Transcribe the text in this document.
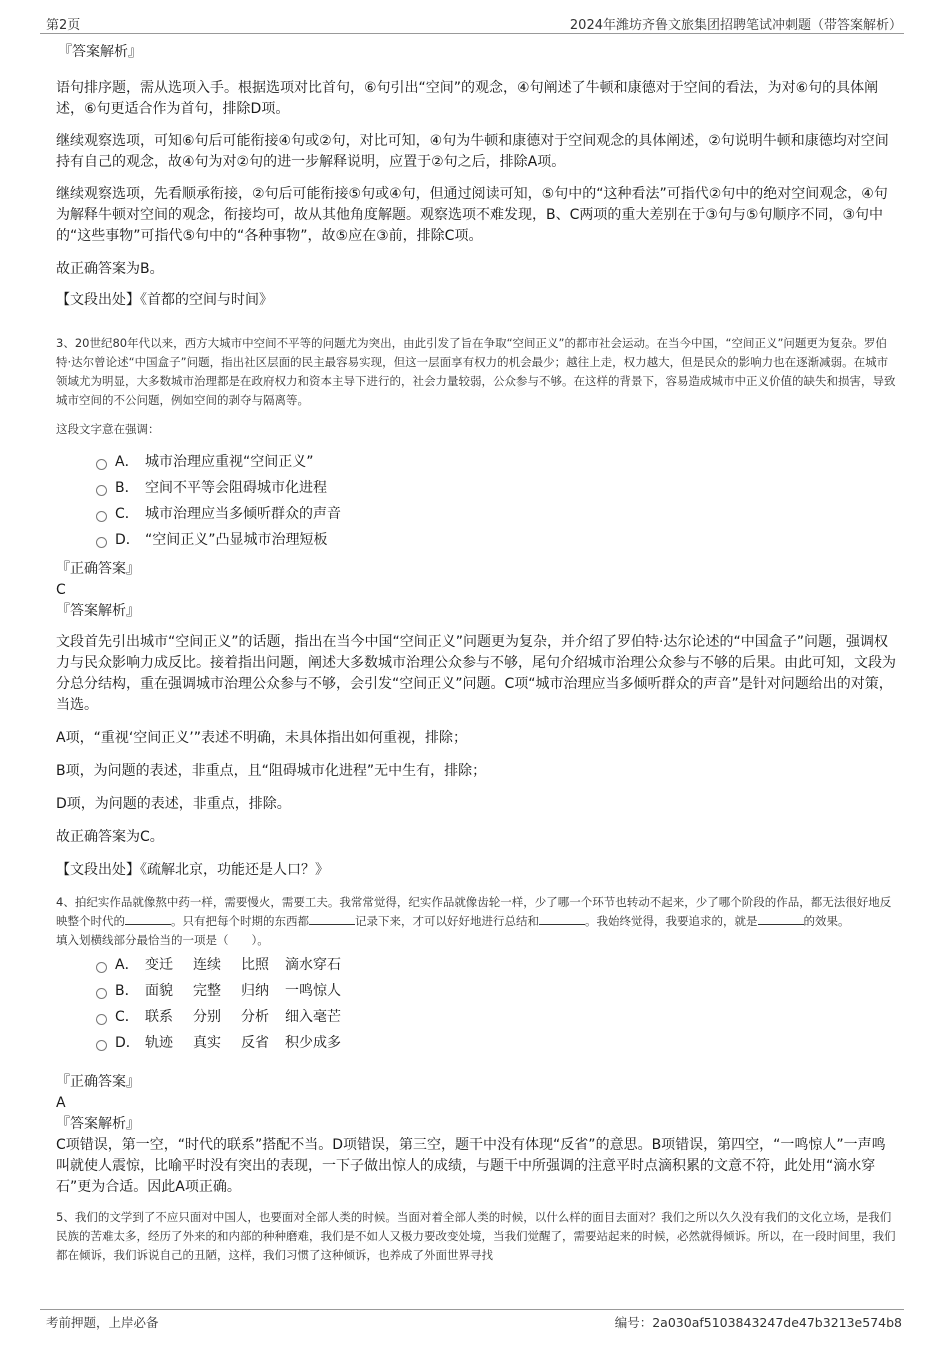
第2页	2024年潍坊齐鲁文旅集团招聘笔试冲刺题（带答案解析）

『答案解析』

语句排序题，需从选项入手。根据选项对比首句，⑥句引出“空间”的观念，④句阐述了牛顿和康德对于空间的看法，为对⑥句的具体阐述，⑥句更适合作为首句，排除D项。

继续观察选项，可知⑥句后可能衔接④句或②句，对比可知，④句为牛顿和康德对于空间观念的具体阐述，②句说明牛顿和康德均对空间持有自己的观念，故④句为对②句的进一步解释说明，应置于②句之后，排除A项。

继续观察选项，先看顺承衔接，②句后可能衔接⑤句或④句，但通过阅读可知，⑤句中的“这种看法”可指代②句中的绝对空间观念，④句为解释牛顿对空间的观念，衔接均可，故从其他角度解题。观察选项不难发现，B、C两项的重大差别在于③句与⑤句顺序不同，③句中的“这些事物”可指代⑤句中的“各种事物”，故⑤应在③前，排除C项。

故正确答案为B。

【文段出处】《首都的空间与时间》

3、20世纪80年代以来，西方大城市中空间不平等的问题尤为突出，由此引发了旨在争取“空间正义”的都市社会运动。在当今中国，“空间正义”问题更为复杂。罗伯特·达尔曾论述“中国盒子”问题，指出社区层面的民主最容易实现，但这一层面享有权力的机会最少；越往上走，权力越大，但是民众的影响力也在逐渐减弱。在城市领域尤为明显，大多数城市治理都是在政府权力和资本主导下进行的，社会力量较弱，公众参与不够。在这样的背景下，容易造成城市中正义价值的缺失和损害，导致城市空间的不公问题，例如空间的剥夺与隔离等。

这段文字意在强调：

A． 城市治理应重视“空间正义”
B． 空间不平等会阻碍城市化进程
C． 城市治理应当多倾听群众的声音
D． “空间正义”凸显城市治理短板

『正确答案』

C

『答案解析』

文段首先引出城市“空间正义”的话题，指出在当今中国“空间正义”问题更为复杂，并介绍了罗伯特·达尔论述的“中国盒子”问题，强调权力与民众影响力成反比。接着指出问题，阐述大多数城市治理公众参与不够，尾句介绍城市治理公众参与不够的后果。由此可知，文段为分总分结构，重在强调城市治理公众参与不够，会引发“空间正义”问题。C项“城市治理应当多倾听群众的声音”是针对问题给出的对策，当选。

A项，“重视‘空间正义’”表述不明确，未具体指出如何重视，排除；

B项，为问题的表述，非重点，且“阻碍城市化进程”无中生有，排除；

D项，为问题的表述，非重点，排除。

故正确答案为C。

【文段出处】《疏解北京，功能还是人口？》

4、拍纪实作品就像熬中药一样，需要慢火，需要工夫。我常常觉得，纪实作品就像齿轮一样，少了哪一个环节也转动不起来，少了哪个阶段的作品，都无法很好地反映整个时代的	。只有把每个时期的东西都	记录下来，才可以好好地进行总结和	。我始终觉得，我要追求的，就是	的效果。

填入划横线部分最恰当的一项是（　　）。

A． 变迁	连续	比照	滴水穿石
B． 面貌	完整	归纳	一鸣惊人
C． 联系	分别	分析	细入毫芒
D． 轨迹	真实	反省	积少成多

『正确答案』

A

『答案解析』

C项错误，第一空，“时代的联系”搭配不当。D项错误，第三空，题干中没有体现“反省”的意思。B项错误，第四空，“一鸣惊人”一声鸣叫就使人震惊，比喻平时没有突出的表现，一下子做出惊人的成绩，与题干中所强调的注意平时点滴积累的文意不符，此处用“滴水穿石”更为合适。因此A项正确。

5、我们的文学到了不应只面对中国人，也要面对全部人类的时候。当面对着全部人类的时候，以什么样的面目去面对？我们之所以久久没有我们的文化立场，是我们民族的苦难太多，经历了外来的和内部的种种磨难，我们是不如人又极力要改变处境，当我们觉醒了，需要站起来的时候，必然就得倾诉。所以，在一段时间里，我们都在倾诉，我们诉说自己的丑陋，这样，我们习惯了这种倾诉，也养成了外面世界寻找

考前押题，上岸必备	编号：2a030af5103843247de47b3213e574b8
